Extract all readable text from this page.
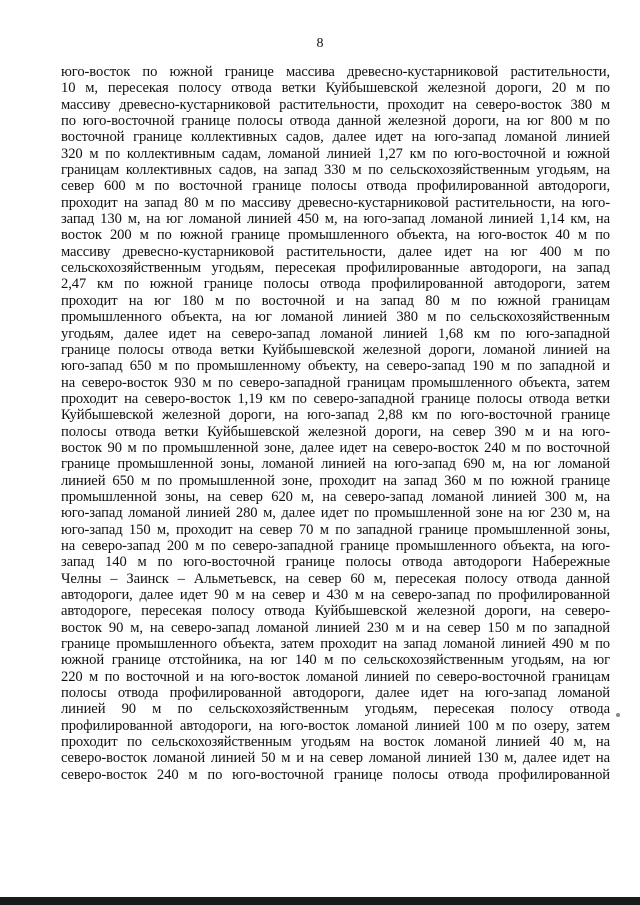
8
юго-восток по южной границе массива древесно-кустарниковой растительности,
10 м, пересекая полосу отвода ветки Куйбышевской железной дороги, 20 м по
массиву древесно-кустарниковой растительности, проходит на северо-восток 380 м
по юго-восточной границе полосы отвода данной железной дороги, на юг 800 м по
восточной границе коллективных садов, далее идет на юго-запад ломаной линией
320 м по коллективным садам, ломаной линией 1,27 км по юго-восточной и южной
границам коллективных садов, на запад 330 м по сельскохозяйственным угодьям, на
север 600 м по восточной границе полосы отвода профилированной автодороги,
проходит на запад 80 м по массиву древесно-кустарниковой растительности, на юго-
запад 130 м, на юг ломаной линией 450 м, на юго-запад ломаной линией 1,14 км, на
восток 200 м по южной границе промышленного объекта, на юго-восток 40 м по
массиву древесно-кустарниковой растительности, далее идет на юг 400 м по
сельскохозяйственным угодьям, пересекая профилированные автодороги, на запад
2,47 км по южной границе полосы отвода профилированной автодороги, затем
проходит на юг 180 м по восточной и на запад 80 м по южной границам
промышленного объекта, на юг ломаной линией 380 м по сельскохозяйственным
угодьям, далее идет на северо-запад ломаной линией 1,68 км по юго-западной
границе полосы отвода ветки Куйбышевской железной дороги, ломаной линией на
юго-запад 650 м по промышленному объекту, на северо-запад 190 м по западной и
на северо-восток 930 м по северо-западной границам промышленного объекта, затем
проходит на северо-восток 1,19 км по северо-западной границе полосы отвода ветки
Куйбышевской железной дороги, на юго-запад 2,88 км по юго-восточной границе
полосы отвода ветки Куйбышевской железной дороги, на север 390 м и на юго-
восток 90 м по промышленной зоне, далее идет на северо-восток 240 м по восточной
границе промышленной зоны, ломаной линией на юго-запад 690 м, на юг ломаной
линией 650 м по промышленной зоне, проходит на запад 360 м по южной границе
промышленной зоны, на север 620 м, на северо-запад ломаной линией 300 м, на
юго-запад ломаной линией 280 м, далее идет по промышленной зоне на юг 230 м, на
юго-запад 150 м, проходит на север 70 м по западной границе промышленной зоны,
на северо-запад 200 м по северо-западной границе промышленного объекта, на юго-
запад 140 м по юго-восточной границе полосы отвода автодороги Набережные
Челны – Заинск – Альметьевск, на север 60 м, пересекая полосу отвода данной
автодороги, далее идет 90 м на север и 430 м на северо-запад по профилированной
автодороге, пересекая полосу отвода Куйбышевской железной дороги, на северо-
восток 90 м, на северо-запад ломаной линией 230 м и на север 150 м по западной
границе промышленного объекта, затем проходит на запад ломаной линией 490 м по
южной границе отстойника, на юг 140 м по сельскохозяйственным угодьям, на юг
220 м по восточной и на юго-восток ломаной линией по северо-восточной границам
полосы отвода профилированной автодороги, далее идет на юго-запад ломаной
линией 90 м по сельскохозяйственным угодьям, пересекая полосу отвода
профилированной автодороги, на юго-восток ломаной линией 100 м по озеру, затем
проходит по сельскохозяйственным угодьям на восток ломаной линией 40 м, на
северо-восток ломаной линией 50 м и на север ломаной линией 130 м, далее идет на
северо-восток 240 м по юго-восточной границе полосы отвода профилированной
